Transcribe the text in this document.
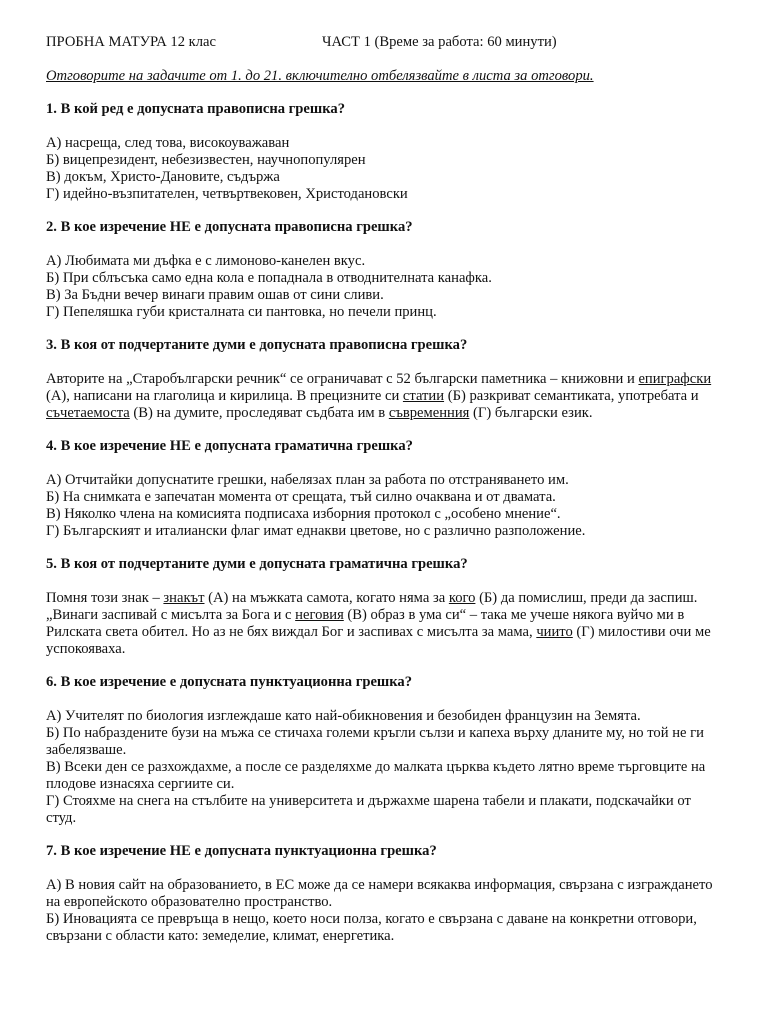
ПРОБНА МАТУРА 12 клас	ЧАСТ 1 (Време за работа: 60 минути)
Отговорите на задачите от 1. до 21. включително отбелязвайте в листа за отговори.
1. В кой ред е допусната правописна грешка?

А) насреща, след това, високоуважаван

Б) вицепрезидент, небезизвестен, научнопопулярен

В) докъм, Христо-Дановите, съдържа

Г) идейно-възпитателен, четвъртвековен, Христодановски

2. В кое изречение НЕ е допусната правописна грешка?

А) Любимата ми дъфка е с лимоново-канелен вкус.

Б) При сблъсъка само една кола е попаднала в отводнителната канафка.

В) За Бъдни вечер винаги правим ошав от сини сливи.

Г) Пепеляшка губи кристалната си пантовка, но печели принц.

3. В коя от подчертаните думи е допусната правописна грешка?

Авторите на „Старобългарски речник“ се ограничават с 52 български паметника – книжовни и епиграфски (А), написани на глаголица и кирилица. В прецизните си статии (Б) разкриват семантиката, употребата и съчетаемоста (В) на думите, проследяват съдбата им в съвременния (Г) български език.

4. В кое изречение НЕ е допусната граматична грешка?

А) Отчитайки допуснатите грешки, набелязах план за работа по отстраняването им.

Б) На снимката е запечатан момента от срещата, тъй силно очаквана и от двамата.

В) Няколко члена на комисията подписаха изборния протокол с „особено мнение“.

Г) Българският и италиански флаг имат еднакви цветове, но с различно разположение.

5. В коя от подчертаните думи е допусната граматична грешка?

Помня този знак – знакът (А) на мъжката самота, когато няма за кого (Б) да помислиш, преди да заспиш. „Винаги заспивай с мисълта за Бога и с неговия (В) образ в ума си“ – така ме учеше някога вуйчо ми в Рилската света обител. Но аз не бях виждал Бог и заспивах с мисълта за мама, чиито (Г) милостиви очи ме успокояваха.

6. В кое изречение е допусната пунктуационна грешка?

А) Учителят по биология изглеждаше като най-обикновения и безобиден французин на Земята.

Б) По набраздените бузи на мъжа се стичаха големи кръгли сълзи и капеха върху дланите му, но той не ги забелязваше.

В) Всеки ден се разхождахме, а после се разделяхме до малката църква където лятно време търговците на плодове изнасяха сергиите си.

Г) Стояхме на снега на стълбите на университета и държахме шарена табели и плакати, подскачайки от студ.

7. В кое изречение НЕ е допусната пунктуационна грешка?

А) В новия сайт на образованието, в ЕС може да се намери всякаква информация, свързана с изграждането на европейското образователно пространство.

Б) Иновацията се превръща в нещо, което носи полза, когато е свързана с даване на конкретни отговори, свързани с области като: земеделие, климат, енергетика.
